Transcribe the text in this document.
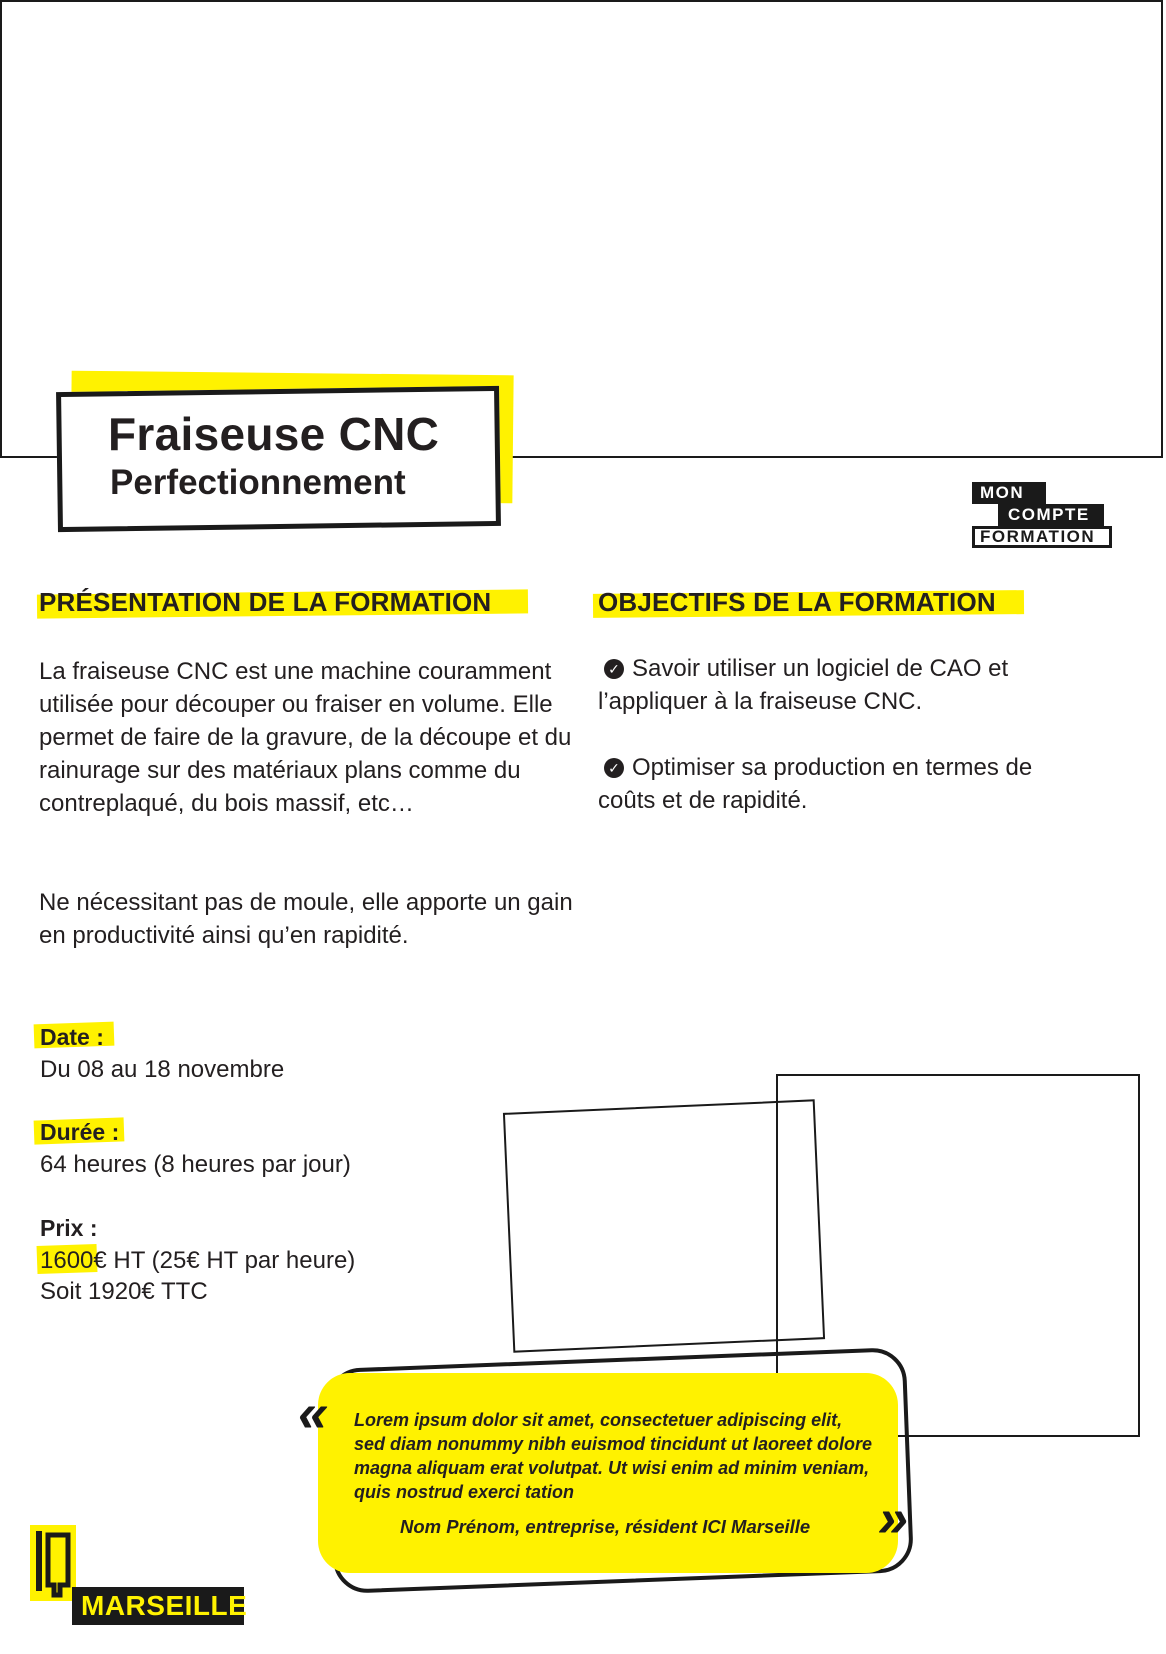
Fraiseuse CNC
Perfectionnement	MON
COMPTE
FORMATION
PRÉSENTATION DE LA FORMATION
La fraiseuse CNC est une machine couramment utilisée pour découper ou fraiser en volume. Elle permet de faire de la gravure, de la découpe et du rainurage sur des matériaux plans comme du contreplaqué, du bois massif, etc…
Ne nécessitant pas de moule, elle apporte un gain en productivité ainsi qu’en rapidité.
OBJECTIFS DE LA FORMATION
✓ Savoir utiliser un logiciel de CAO et l’appliquer à la fraiseuse CNC.
✓ Optimiser sa production en termes de coûts et de rapidité.
Date :
Du 08 au 18 novembre
Durée :
64 heures (8 heures par jour)
Prix :
1600€ HT (25€ HT par heure)
Soit 1920€ TTC
«
»
Lorem ipsum dolor sit amet, consectetuer adipiscing elit, sed diam nonummy nibh euismod tincidunt ut laoreet dolore magna aliquam erat volutpat. Ut wisi enim ad minim veniam, quis nostrud exerci tation
Nom Prénom, entreprise, résident ICI Marseille
MARSEILLE
